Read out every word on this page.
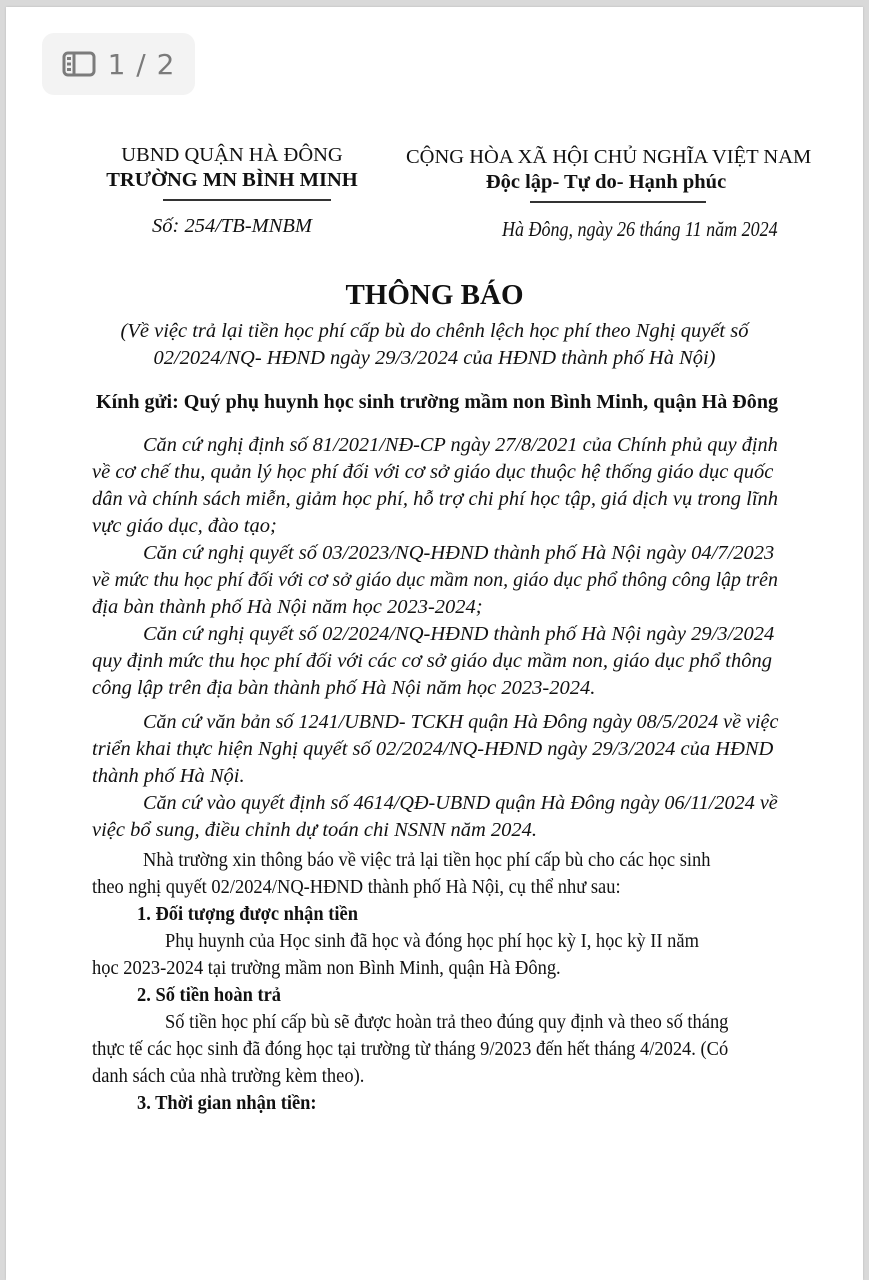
1 / 2
UBND QUẬN HÀ ĐÔNG
TRƯỜNG MN BÌNH MINH
Số: 254/TB-MNBM
CỘNG HÒA XÃ HỘI CHỦ NGHĨA VIỆT NAM
Độc lập- Tự do- Hạnh phúc
Hà Đông, ngày 26 tháng 11 năm 2024
THÔNG BÁO
(Về việc trả lại tiền học phí cấp bù do chênh lệch học phí theo Nghị quyết số
02/2024/NQ- HĐND ngày 29/3/2024 của HĐND thành phố Hà Nội)
Kính gửi: Quý phụ huynh học sinh trường mầm non Bình Minh, quận Hà Đông
Căn cứ nghị định số 81/2021/NĐ-CP ngày 27/8/2021 của Chính phủ quy định
về cơ chế thu, quản lý học phí đối với cơ sở giáo dục thuộc hệ thống giáo dục quốc
dân và chính sách miễn, giảm học phí, hỗ trợ chi phí học tập, giá dịch vụ trong lĩnh
vực giáo dục, đào tạo;
Căn cứ nghị quyết số 03/2023/NQ-HĐND thành phố Hà Nội ngày 04/7/2023
về mức thu học phí đối với cơ sở giáo dục mầm non, giáo dục phổ thông công lập trên
địa bàn thành phố Hà Nội năm học 2023-2024;
Căn cứ nghị quyết số 02/2024/NQ-HĐND thành phố Hà Nội ngày 29/3/2024
quy định mức thu học phí đối với các cơ sở giáo dục mầm non, giáo dục phổ thông
công lập trên địa bàn thành phố Hà Nội năm học 2023-2024.
Căn cứ văn bản số 1241/UBND- TCKH quận Hà Đông ngày 08/5/2024 về việc
triển khai thực hiện Nghị quyết số 02/2024/NQ-HĐND ngày 29/3/2024 của HĐND
thành phố Hà Nội.
Căn cứ vào quyết định số 4614/QĐ-UBND quận Hà Đông ngày 06/11/2024 về
việc bổ sung, điều chỉnh dự toán chi NSNN năm 2024.
Nhà trường xin thông báo về việc trả lại tiền học phí cấp bù cho các học sinh
theo nghị quyết 02/2024/NQ-HĐND thành phố Hà Nội, cụ thể như sau:
1. Đối tượng được nhận tiền
Phụ huynh của Học sinh đã học và đóng học phí học kỳ I, học kỳ II năm
học 2023-2024 tại trường mầm non Bình Minh, quận Hà Đông.
2. Số tiền hoàn trả
Số tiền học phí cấp bù sẽ được hoàn trả theo đúng quy định và theo số tháng
thực tế các học sinh đã đóng học tại trường từ tháng 9/2023 đến hết tháng 4/2024. (Có
danh sách của nhà trường kèm theo).
3. Thời gian nhận tiền:
